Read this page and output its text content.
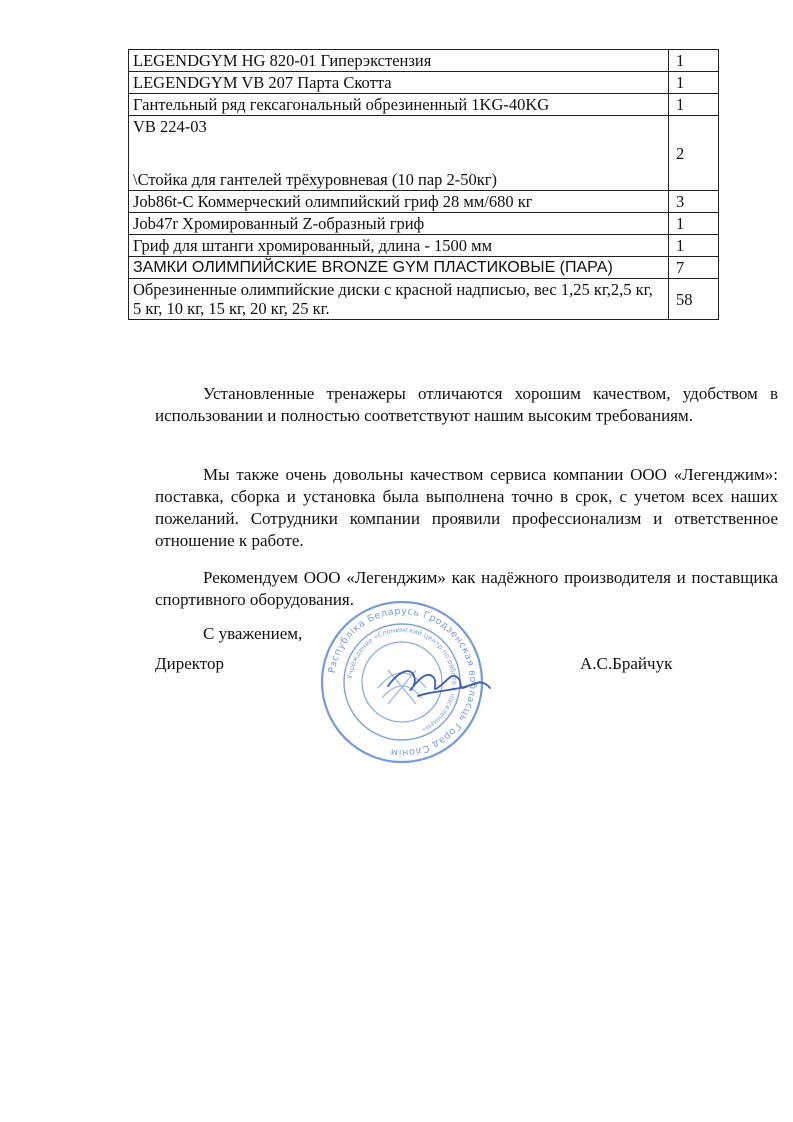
LEGENDGYM HG 820-01 Гиперэкстензия	1
LEGENDGYM VB 207 Парта Скотта	1
Гантельный ряд гексагональный обрезиненный 1KG-40KG	1

VB 224-03
\Стойка для гантелей трёхуровневая (10 пар 2-50кг)	2
Job86t-C Коммерческий олимпийский гриф 28 мм/680 кг	3
Job47r Хромированный Z-образный гриф	1
Гриф для штанги хромированный, длина - 1500 мм	1
ЗАМКИ ОЛИМПИЙСКИЕ BRONZE GYM ПЛАСТИКОВЫЕ (ПАРА)	7
Обрезиненные олимпийские диски с красной надписью, вес 1,25 кг,2,5 кг, 5 кг, 10 кг, 15 кг, 20 кг, 25 кг.	58

Установленные тренажеры отличаются хорошим качеством, удобством в использовании и полностью соответствуют нашим высоким требованиям.

Мы также очень довольны качеством сервиса компании ООО «Легенджим»: поставка, сборка и установка была выполнена точно в срок, с учетом всех наших пожеланий. Сотрудники компании проявили профессионализм и ответственное отношение к работе.

Рекомендуем ООО «Легенджим» как надёжного производителя и поставщика спортивного оборудования.

С уважением,
Директор	А.С.Брайчук
Рэспубліка Беларусь Гродзенская вобласць Горад Слонім
Учреждение «Слонимский центр по работе с населением»
